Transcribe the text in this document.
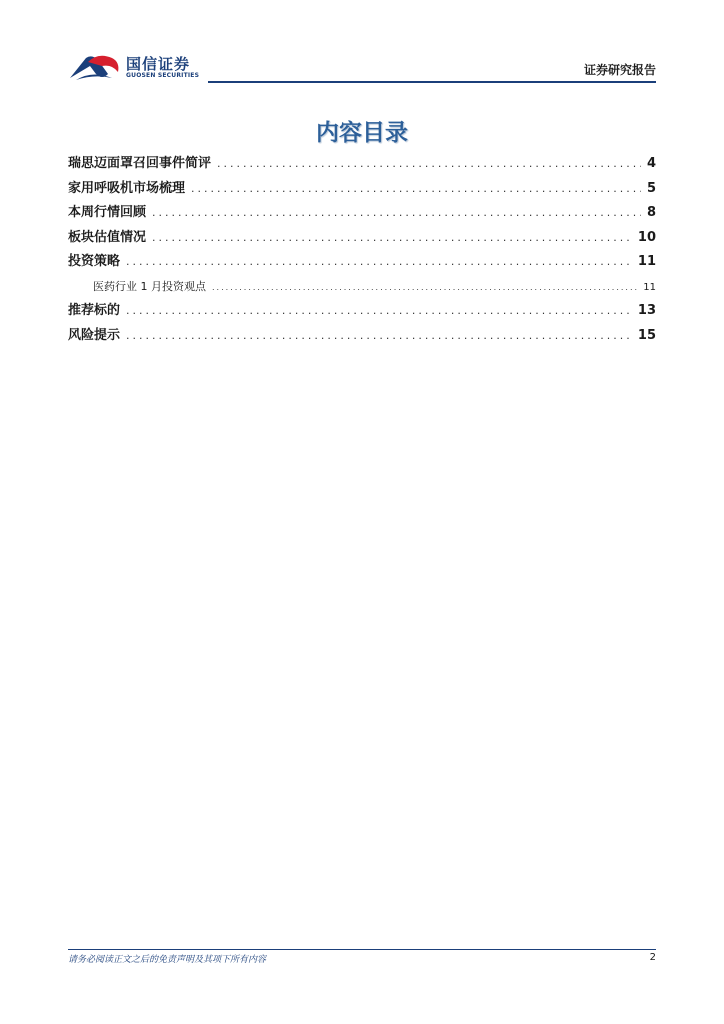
国信证券
GUOSEN SECURITIES	证券研究报告
内容目录
瑞思迈面罩召回事件简评 .....	4
家用呼吸机市场梳理 .....	5
本周行情回顾 .....	8
板块估值情况 .....	10
投资策略 .....	11
医药行业 1 月投资观点 .....	11
推荐标的 .....	13
风险提示 .....	15
请务必阅读正文之后的免责声明及其项下所有内容	2
